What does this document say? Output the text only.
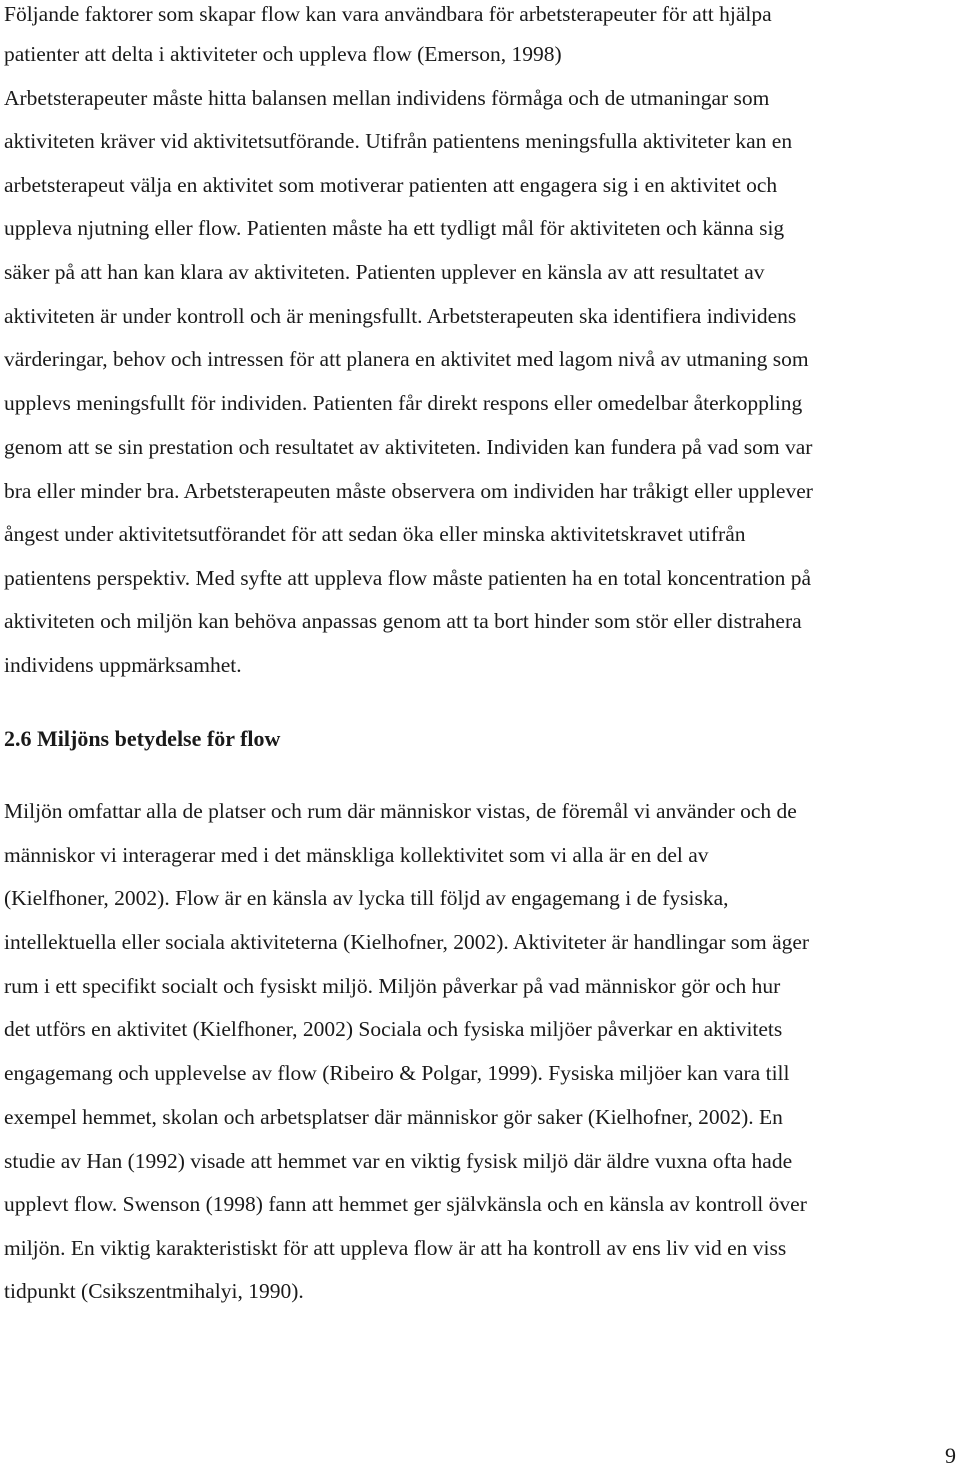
Följande faktorer som skapar flow kan vara användbara för arbetsterapeuter för att hjälpa
patienter att delta i aktiviteter och uppleva flow (Emerson, 1998)
Arbetsterapeuter måste hitta balansen mellan individens förmåga och de utmaningar som
aktiviteten kräver vid aktivitetsutförande. Utifrån patientens meningsfulla aktiviteter kan en
arbetsterapeut välja en aktivitet som motiverar patienten att engagera sig i en aktivitet och
uppleva njutning eller flow. Patienten måste ha ett tydligt mål för aktiviteten och känna sig
säker på att han kan klara av aktiviteten. Patienten upplever en känsla av att resultatet av
aktiviteten är under kontroll och är meningsfullt. Arbetsterapeuten ska identifiera individens
värderingar, behov och intressen för att planera en aktivitet med lagom nivå av utmaning som
upplevs meningsfullt för individen. Patienten får direkt respons eller omedelbar återkoppling
genom att se sin prestation och resultatet av aktiviteten. Individen kan fundera på vad som var
bra eller minder bra. Arbetsterapeuten måste observera om individen har tråkigt eller upplever
ångest under aktivitetsutförandet för att sedan öka eller minska aktivitetskravet utifrån
patientens perspektiv. Med syfte att uppleva flow måste patienten ha en total koncentration på
aktiviteten och miljön kan behöva anpassas genom att ta bort hinder som stör eller distrahera
individens uppmärksamhet.
2.6 Miljöns betydelse för flow
Miljön omfattar alla de platser och rum där människor vistas, de föremål vi använder och de
människor vi interagerar med i det mänskliga kollektivitet som vi alla är en del av
(Kielfhoner, 2002). Flow är en känsla av lycka till följd av engagemang i de fysiska,
intellektuella eller sociala aktiviteterna (Kielhofner, 2002). Aktiviteter är handlingar som äger
rum i ett specifikt socialt och fysiskt miljö. Miljön påverkar på vad människor gör och hur
det utförs en aktivitet (Kielfhoner, 2002) Sociala och fysiska miljöer påverkar en aktivitets
engagemang och upplevelse av flow (Ribeiro & Polgar, 1999). Fysiska miljöer kan vara till
exempel hemmet, skolan och arbetsplatser där människor gör saker (Kielhofner, 2002). En
studie av Han (1992) visade att hemmet var en viktig fysisk miljö där äldre vuxna ofta hade
upplevt flow. Swenson (1998) fann att hemmet ger självkänsla och en känsla av kontroll över
miljön. En viktig karakteristiskt för att uppleva flow är att ha kontroll av ens liv vid en viss
tidpunkt (Csikszentmihalyi, 1990).
9
